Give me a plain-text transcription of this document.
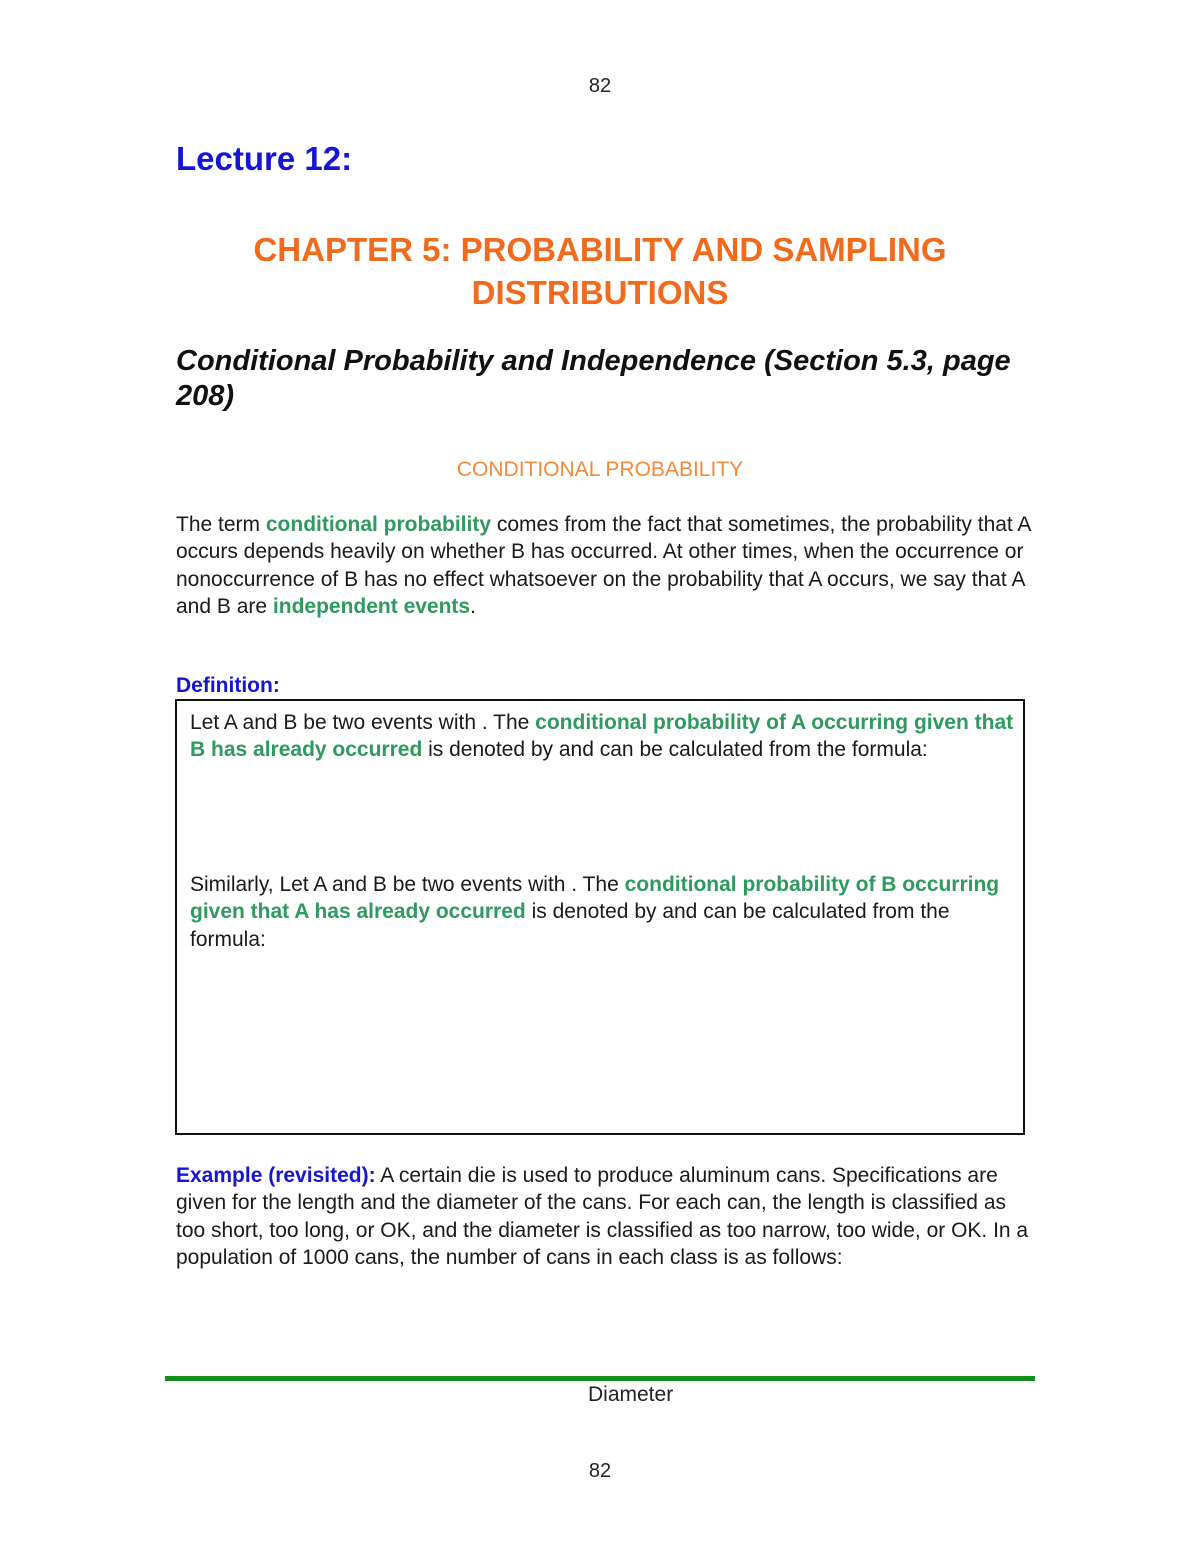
82
Lecture 12:
CHAPTER 5: PROBABILITY AND SAMPLING DISTRIBUTIONS
Conditional Probability and Independence (Section 5.3, page 208)
CONDITIONAL PROBABILITY
The term conditional probability comes from the fact that sometimes, the probability that A occurs depends heavily on whether B has occurred. At other times, when the occurrence or nonoccurrence of B has no effect whatsoever on the probability that A occurs, we say that A and B are independent events.
Definition:
Let A and B be two events with . The conditional probability of A occurring given that B has already occurred is denoted by and can be calculated from the formula:
Similarly, Let A and B be two events with . The conditional probability of B occurring given that A has already occurred is denoted by and can be calculated from the formula:
Example (revisited): A certain die is used to produce aluminum cans. Specifications are given for the length and the diameter of the cans. For each can, the length is classified as too short, too long, or OK, and the diameter is classified as too narrow, too wide, or OK. In a population of 1000 cans, the number of cans in each class is as follows:
Diameter
82
